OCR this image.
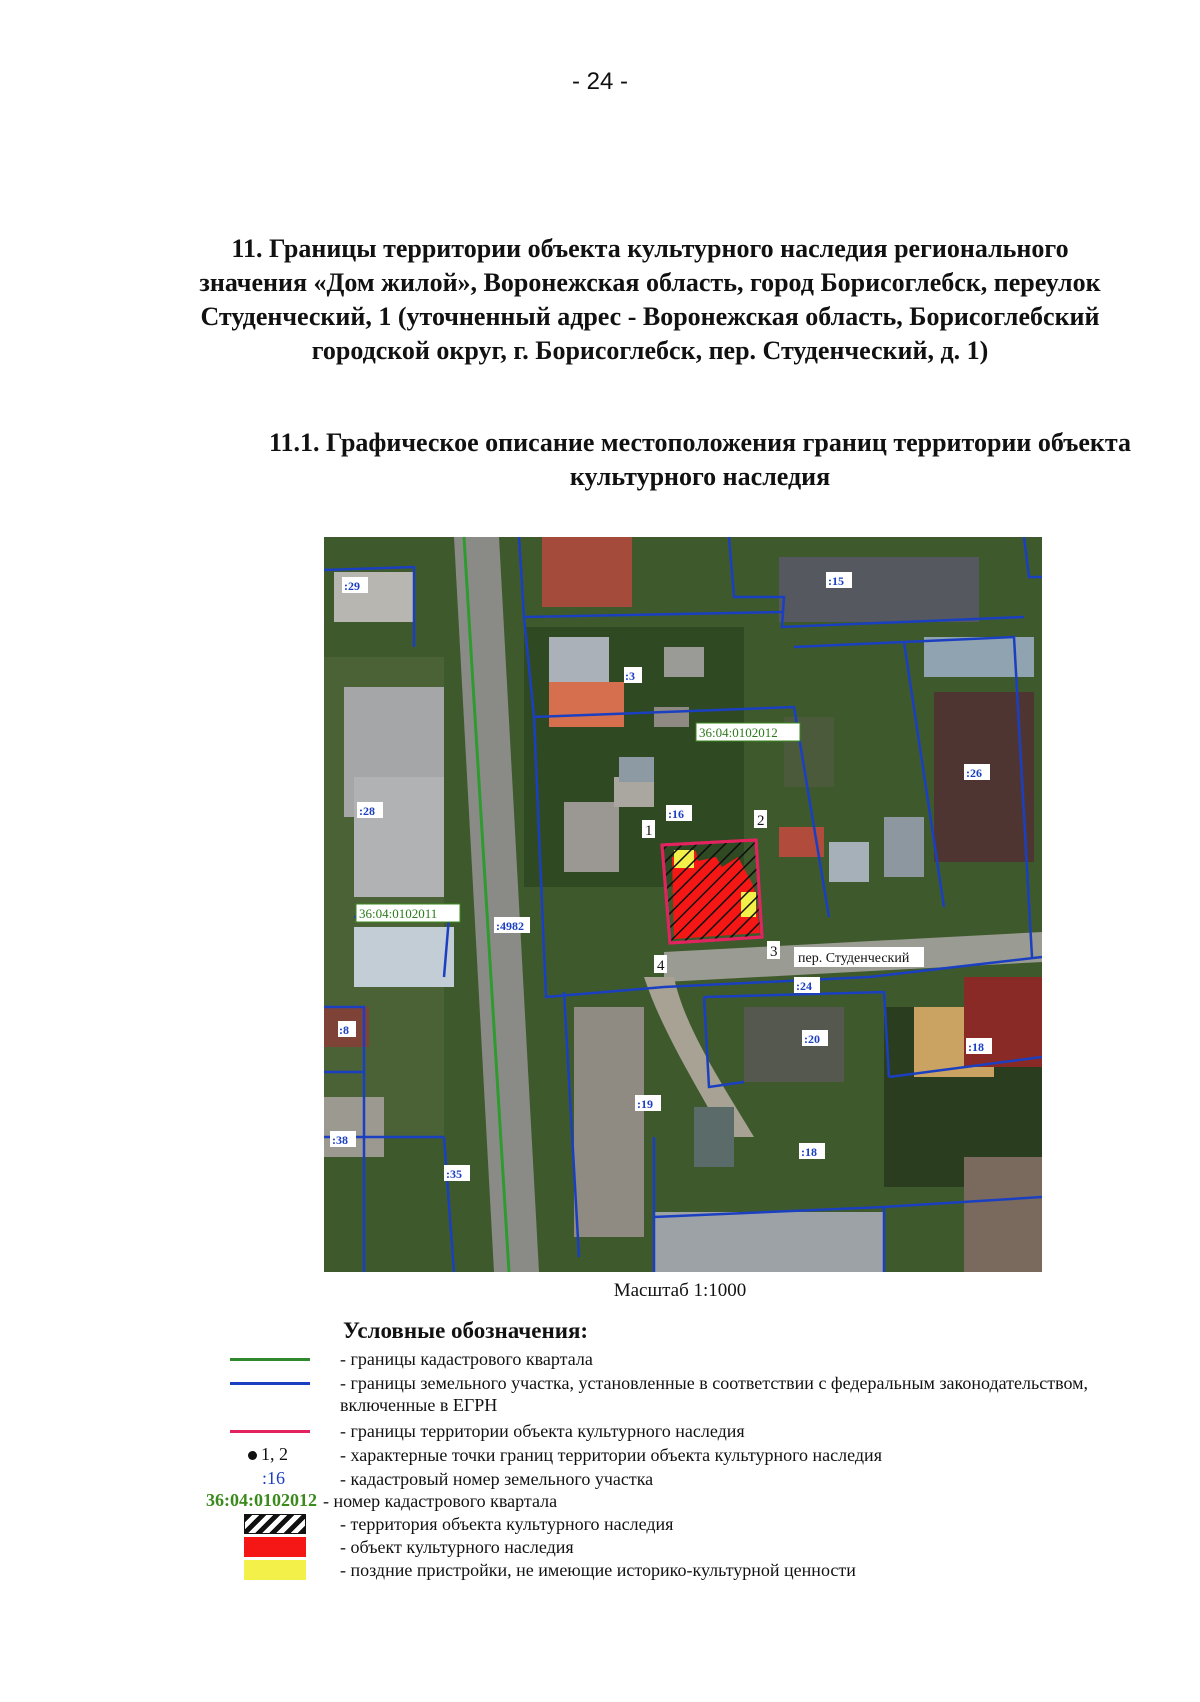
- 24 -
11. Границы территории объекта культурного наследия регионального значения «Дом жилой», Воронежская область, город Борисоглебск, переулок Студенческий, 1 (уточненный адрес - Воронежская область, Борисоглебский городской округ, г. Борисоглебск, пер. Студенческий, д. 1)
11.1. Графическое описание местоположения границ территории объекта культурного наследия
:29	:15
:3
:26
:28	:16
:4982
:8
:20
:18
:19
:38
:35
:18
:24
36:04:0102012
36:04:0102011
1
2
3
4	пер. Студенческий
Масштаб 1:1000
Условные обозначения:
- границы кадастрового квартала
- границы земельного участка, установленные в соответствии с федеральным законодательством, включенные в ЕГРН
- границы территории объекта культурного наследия
1, 2	- характерные точки границ территории объекта культурного наследия
:16	- кадастровый номер земельного участка
36:04:0102012 - номер кадастрового квартала
- территория объекта культурного наследия
- объект культурного наследия
- поздние пристройки, не имеющие историко-культурной ценности
